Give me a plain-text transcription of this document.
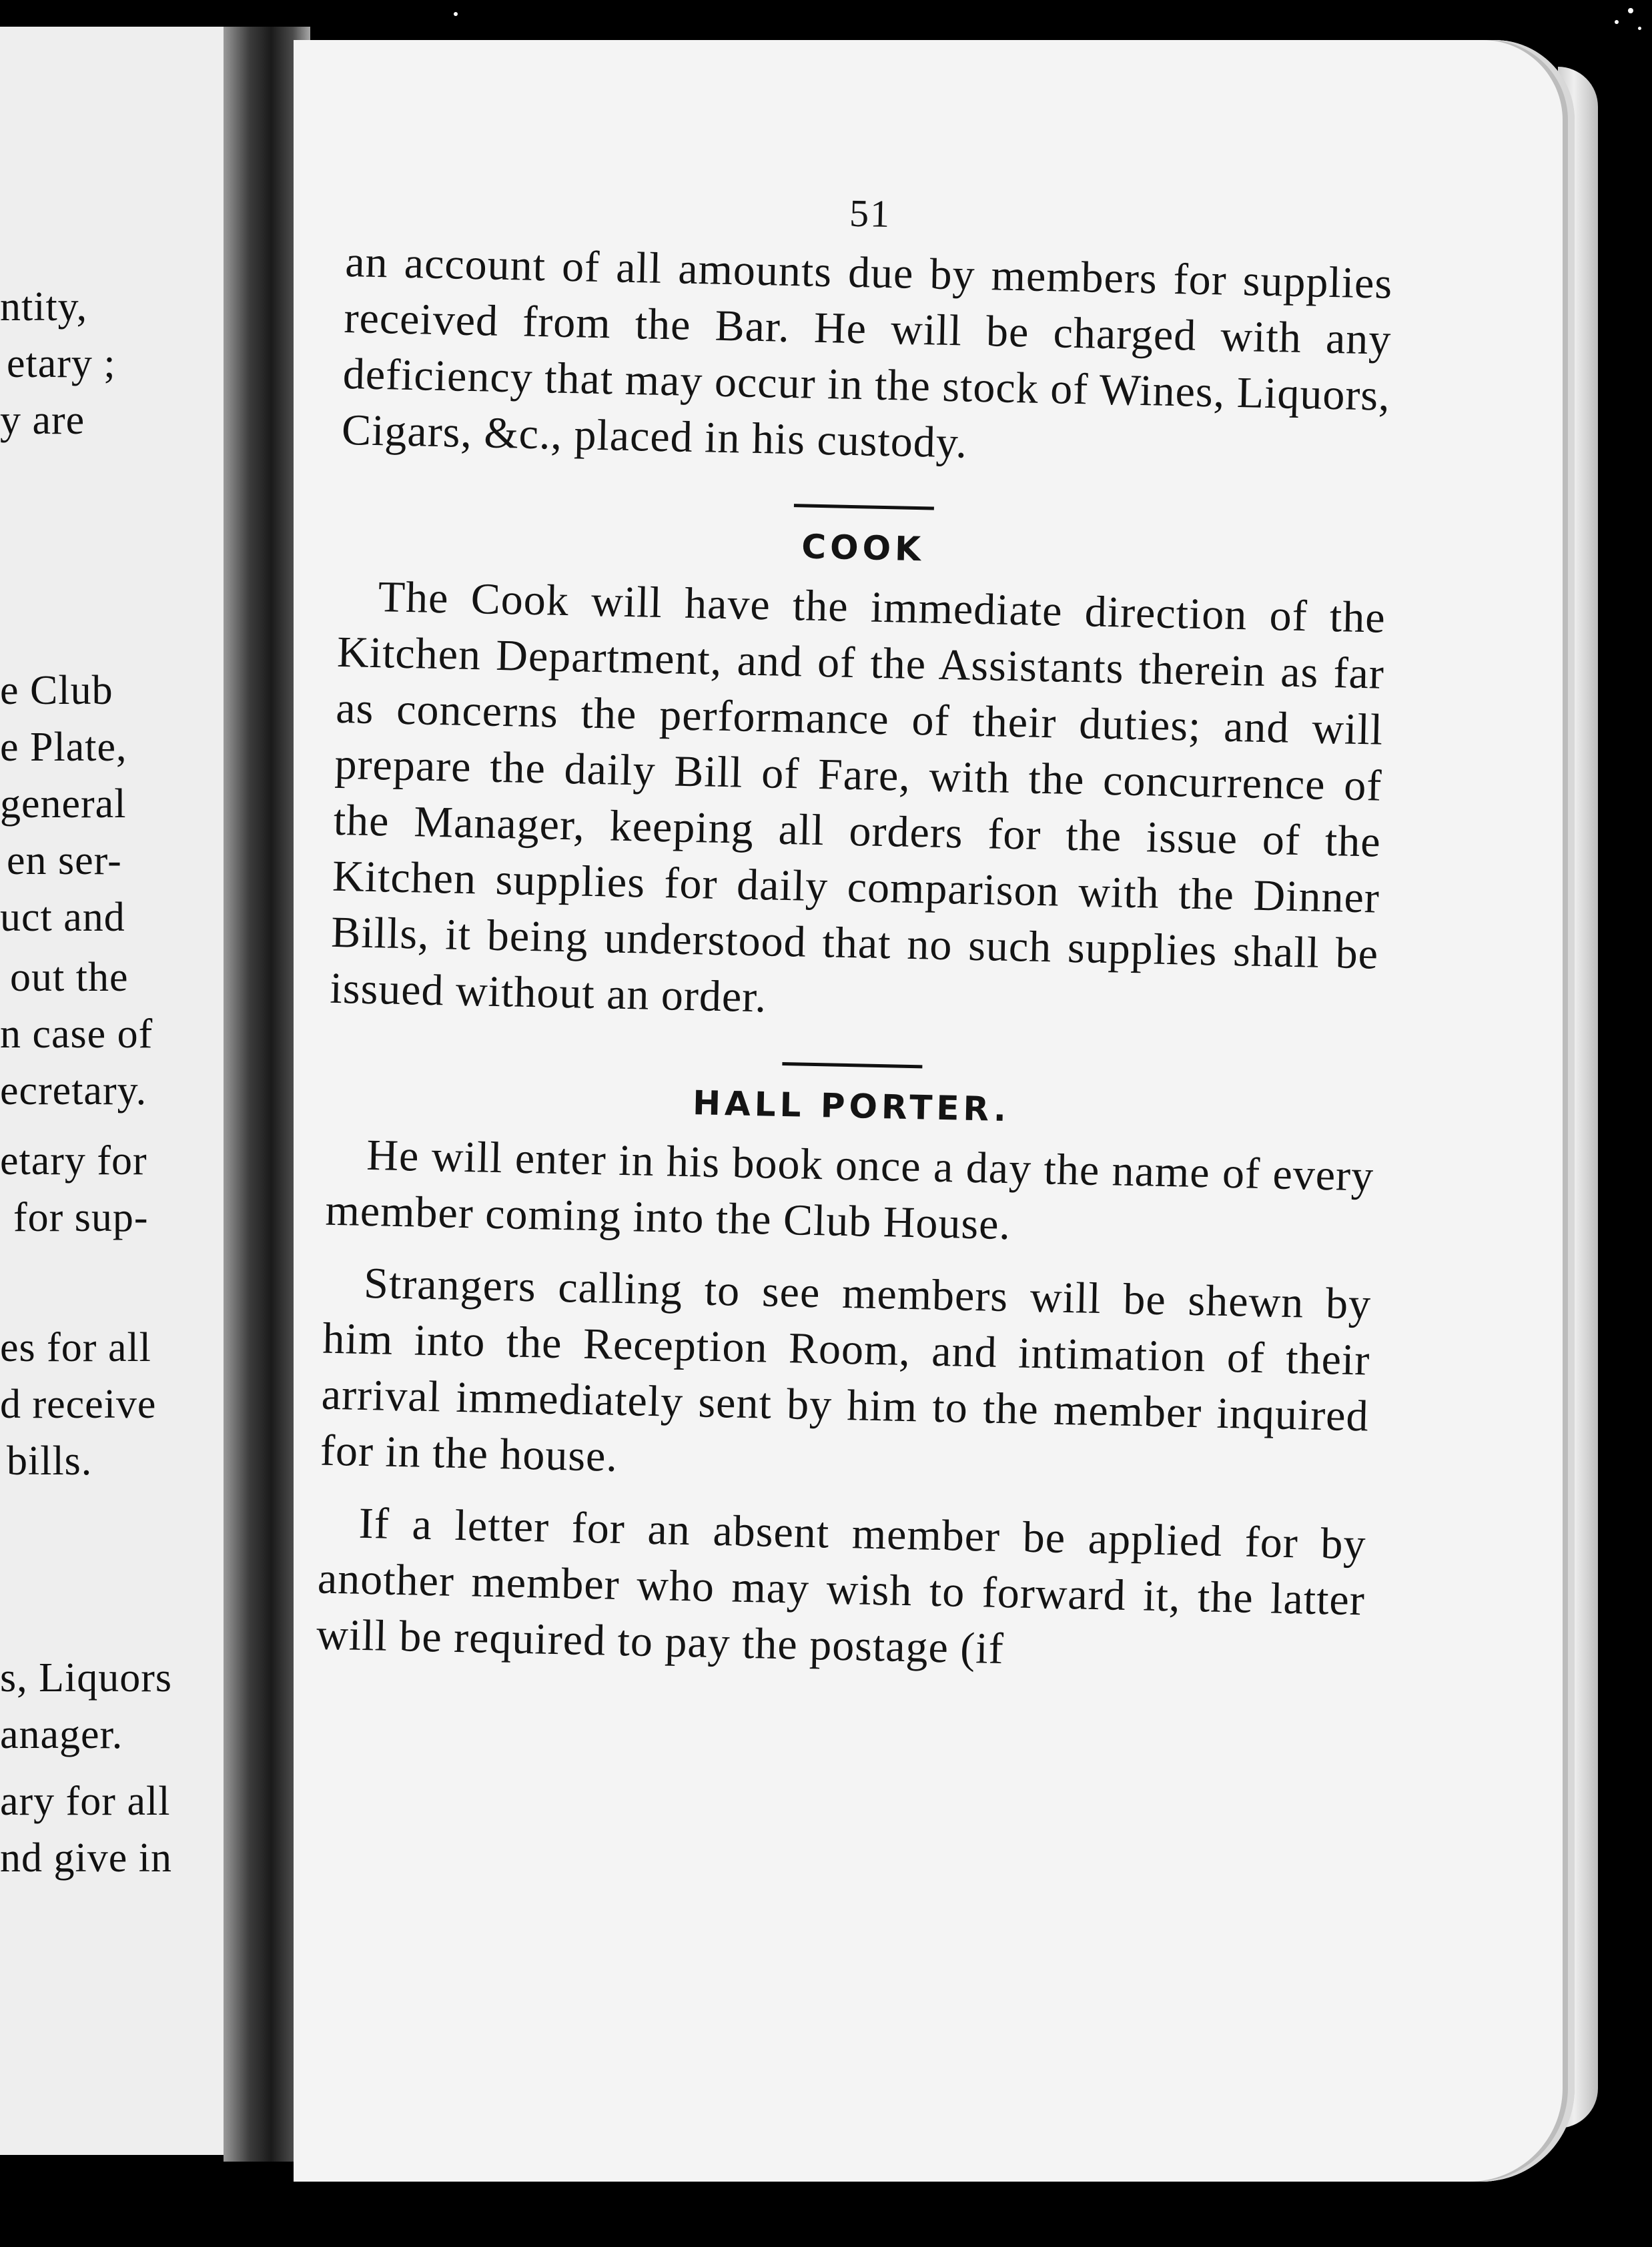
ntity,
etary ;
y are
e Club
e Plate,
general
en ser-
uct and
out the
n case of
ecretary.
etary for
for sup-
es for all
d receive
bills.
s, Liquors
anager.
ary for all
nd give in
51

an account of all amounts due by members for supplies received from the Bar. He will be charged with any deficiency that may occur in the stock of Wines, Liquors, Cigars, &c., placed in his custody.

COOK

The Cook will have the immediate direction of the Kitchen Department, and of the Assistants therein as far as concerns the performance of their duties; and will prepare the daily Bill of Fare, with the concurrence of the Manager, keeping all orders for the issue of the Kitchen supplies for daily comparison with the Dinner Bills, it being understood that no such supplies shall be issued without an order.

HALL PORTER.

He will enter in his book once a day the name of every member coming into the Club House.

Strangers calling to see members will be shewn by him into the Reception Room, and intimation of their arrival immediately sent by him to the member inquired for in the house.

If a letter for an absent member be applied for by another member who may wish to forward it, the latter will be required to pay the postage (if
